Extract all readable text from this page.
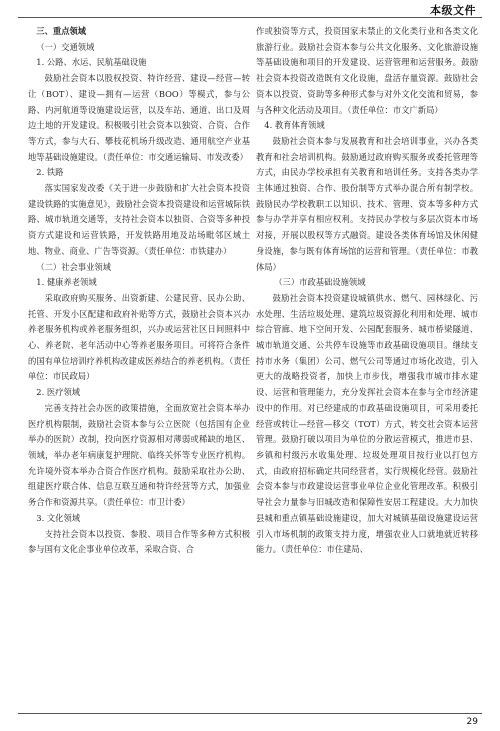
本级文件

三、重点领域

（一）交通领域

1. 公路、水运、民航基础设施

鼓励社会资本以股权投资、特许经营、建设—经营—转让（BOT）、建设—拥有—运营（BOO）等模式，参与公路、内河航道等设施建设运营，以及车站、通道、出口及周边土地的开发建设。积极吸引社会资本以独资、合资、合作等方式，参与大石、攀枝花机场升级改造、通用航空产业基地等基础设施建设。（责任单位：市交通运输局、市发改委）

2. 铁路

落实国家发改委《关于进一步鼓励和扩大社会资本投资建设铁路的实施意见》，鼓励社会资本投资建设和运营城际铁路、城市轨道交通等，支持社会资本以独资、合资等多种投资方式建设和运营铁路，开发铁路用地及站场毗邻区域土地、物业、商业、广告等资源。（责任单位：市铁建办）

（二）社会事业领域

1. 健康养老领域

采取政府购买服务、出资新建、公建民营、民办公助、托管、开发小区配建和政府补贴等方式，鼓励社会资本兴办养老服务机构或养老服务组织，兴办或运营社区日间照料中心、养老院、老年活动中心等养老服务项目。可将符合条件的国有单位培训疗养机构改建成医养结合的养老机构。（责任单位：市民政局）

2. 医疗领域

完善支持社会办医的政策措施，全面放宽社会资本举办医疗机构限制，鼓励社会资本参与公立医院（包括国有企业举办的医院）改制，投向医疗资源相对薄弱或稀缺的地区、领域，举办老年病康复护理院、临终关怀等专业医疗机构。允许境外资本举办合资合作医疗机构。鼓励采取社办公助、组建医疗联合体、信息互联互通和特许经营等方式，加强业务合作和资源共享。（责任单位：市卫计委）

3. 文化领域

支持社会资本以投资、参股、项目合作等多种方式积极参与国有文化企事业单位改革，采取合资、合

作或独资等方式，投资国家未禁止的文化类行业和各类文化旅游行业。鼓励社会资本参与公共文化服务、文化旅游设施等基础设施和项目的开发建设、运营管理和运营服务。鼓励社会资本投资改造既有文化设施，盘活存量资源。鼓励社会资本以投资、资助等多种形式参与对外文化交流和贸易，参与各种文化活动及项目。（责任单位：市文广新局）

4. 教育体育领域

鼓励社会资本参与发展教育和社会培训事业，兴办各类教育和社会培训机构。鼓励通过政府购买服务或委托管理等方式，由民办学校承担有关教育和培训任务。支持各类办学主体通过独资、合作、股份制等方式举办混合所有制学校。鼓励民办学校教职工以知识、技术、管理、资本等多种方式参与办学并享有相应权利。支持民办学校与多层次资本市场对接，开展以股权等方式融资。建设各类体育场馆及休闲健身设施，参与既有体育场馆的运营和管理。（责任单位：市教体局）

（三）市政基础设施领域

鼓励社会资本投资建设城镇供水、燃气、园林绿化、污水处理、生活垃圾处理、建筑垃圾资源化利用和处理、城市综合管廊、地下空间开发、公园配套服务、城市桥梁隧道、城市轨道交通、公共停车设施等市政基础设施项目。继续支持市水务（集团）公司、燃气公司等通过市场化改造，引入更大的战略投资者，加快上市步伐，增强我市城市排水建设、运营和管理能力，充分发挥社会资本在参与全市经济建设中的作用。对已经建成的市政基础设施项目，可采用委托经营或转让—经营—移交（TOT）方式，转交社会资本运营管理。鼓励打破以项目为单位的分散运营模式，推进市县、乡镇和村级污水收集处理、垃圾处理项目按行业以打包方式，由政府招标确定共同经营者，实行规模化经营。鼓励社会资本参与市政建设运营事业单位企业化管理改革。积极引导社会力量参与旧城改造和保障性安居工程建设。大力加快县城和重点镇基础设施建设，加大对城镇基础设施建设运营引入市场机制的政策支持力度，增强农业人口就地就近转移能力。（责任单位：市住建局、

29
